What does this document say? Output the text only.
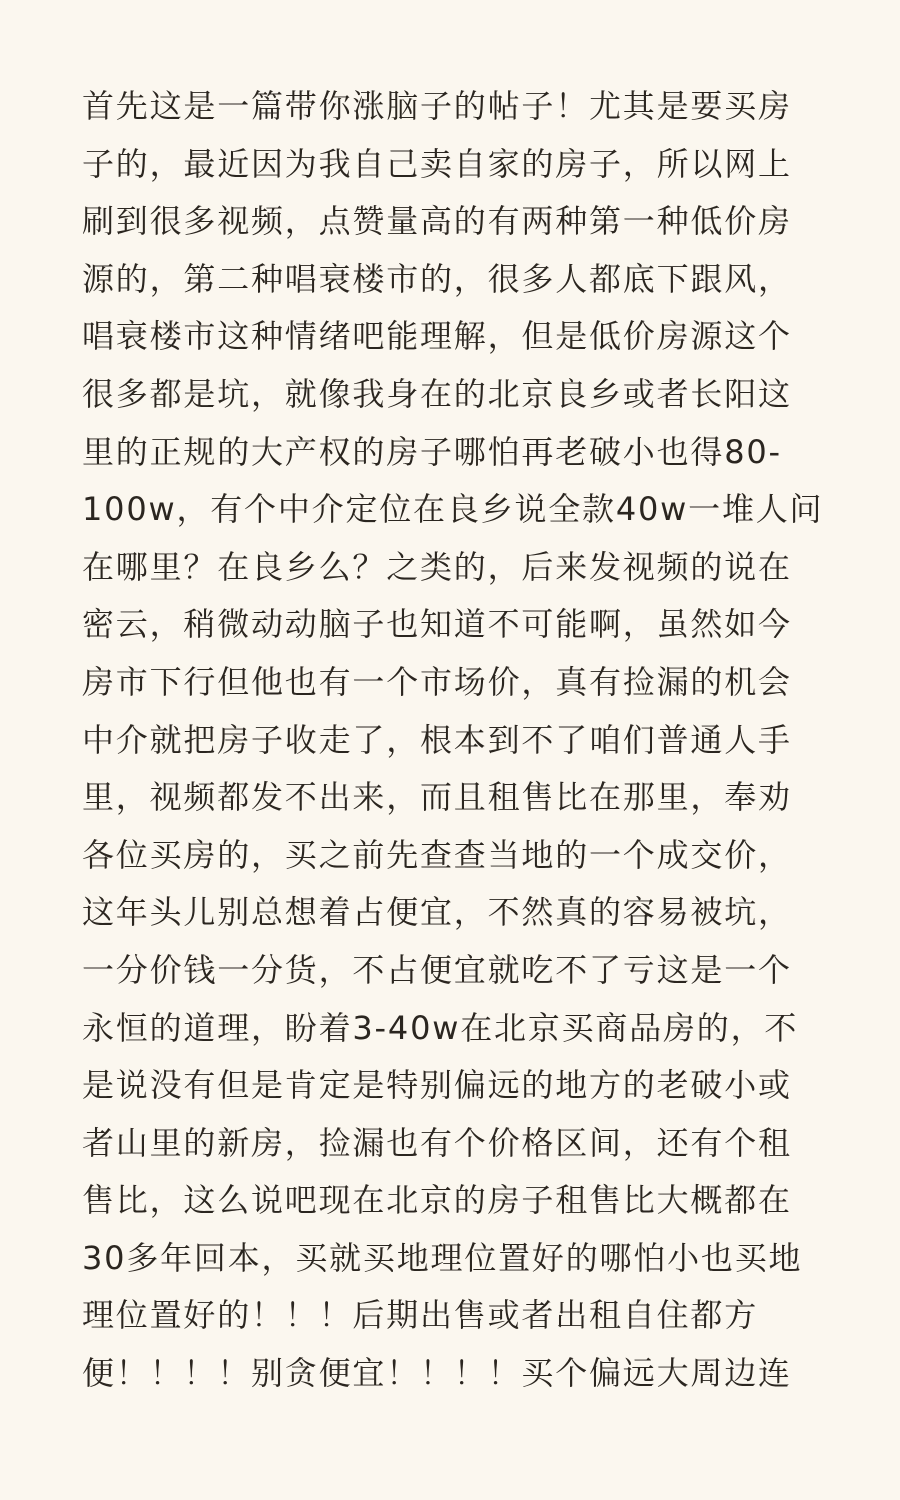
首先这是一篇带你涨脑子的帖子！尤其是要买房
子的，最近因为我自己卖自家的房子，所以网上
刷到很多视频，点赞量高的有两种第一种低价房
源的，第二种唱衰楼市的，很多人都底下跟风，
唱衰楼市这种情绪吧能理解，但是低价房源这个
很多都是坑，就像我身在的北京良乡或者长阳这
里的正规的大产权的房子哪怕再老破小也得80-
100w，有个中介定位在良乡说全款40w一堆人问
在哪里？在良乡么？之类的，后来发视频的说在
密云，稍微动动脑子也知道不可能啊，虽然如今
房市下行但他也有一个市场价，真有捡漏的机会
中介就把房子收走了，根本到不了咱们普通人手
里，视频都发不出来，而且租售比在那里，奉劝
各位买房的，买之前先查查当地的一个成交价，
这年头儿别总想着占便宜，不然真的容易被坑，
一分价钱一分货，不占便宜就吃不了亏这是一个
永恒的道理，盼着3-40w在北京买商品房的，不
是说没有但是肯定是特别偏远的地方的老破小或
者山里的新房，捡漏也有个价格区间，还有个租
售比，这么说吧现在北京的房子租售比大概都在
30多年回本，买就买地理位置好的哪怕小也买地
理位置好的！！！后期出售或者出租自住都方
便！！！！别贪便宜！！！！买个偏远大周边连
